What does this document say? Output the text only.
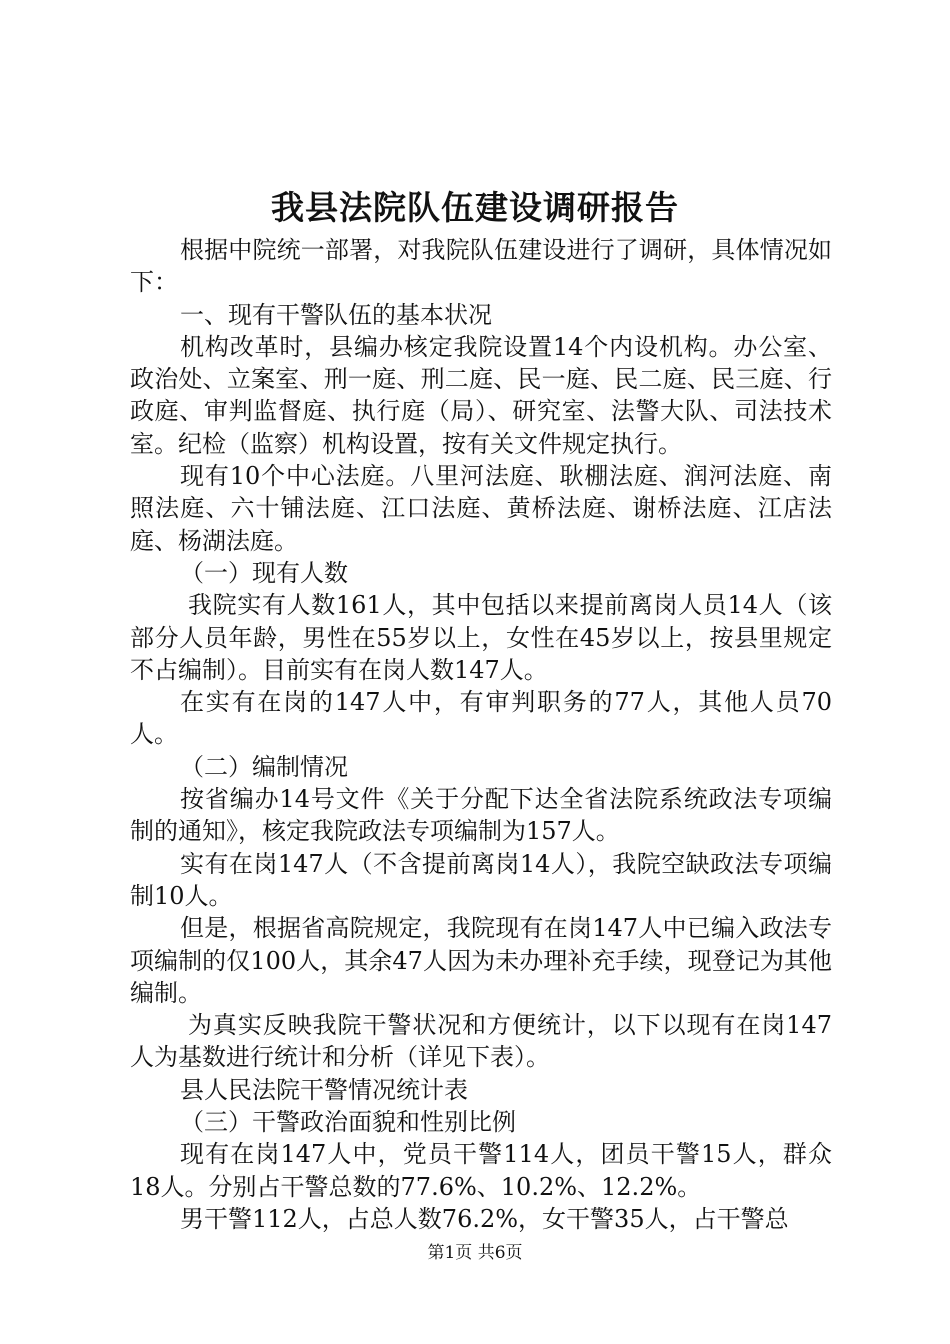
我县法院队伍建设调研报告

根据中院统一部署，对我院队伍建设进行了调研，具体情况如下：

一、现有干警队伍的基本状况

机构改革时，县编办核定我院设置14个内设机构。办公室、政治处、立案室、刑一庭、刑二庭、民一庭、民二庭、民三庭、行政庭、审判监督庭、执行庭（局）、研究室、法警大队、司法技术室。纪检（监察）机构设置，按有关文件规定执行。

现有10个中心法庭。八里河法庭、耿棚法庭、润河法庭、南照法庭、六十铺法庭、江口法庭、黄桥法庭、谢桥法庭、江店法庭、杨湖法庭。

（一）现有人数

我院实有人数161人，其中包括以来提前离岗人员14人（该部分人员年龄，男性在55岁以上，女性在45岁以上，按县里规定不占编制）。目前实有在岗人数147人。

在实有在岗的147人中，有审判职务的77人，其他人员70人。

（二）编制情况

按省编办14号文件《关于分配下达全省法院系统政法专项编制的通知》，核定我院政法专项编制为157人。

实有在岗147人（不含提前离岗14人），我院空缺政法专项编制10人。

但是，根据省高院规定，我院现有在岗147人中已编入政法专项编制的仅100人，其余47人因为未办理补充手续，现登记为其他编制。

为真实反映我院干警状况和方便统计，以下以现有在岗147人为基数进行统计和分析（详见下表）。

县人民法院干警情况统计表

（三）干警政治面貌和性别比例

现有在岗147人中，党员干警114人，团员干警15人，群众18人。分别占干警总数的77.6%、10.2%、12.2%。

男干警112人，占总人数76.2%，女干警35人，占干警总

第1页 共6页
